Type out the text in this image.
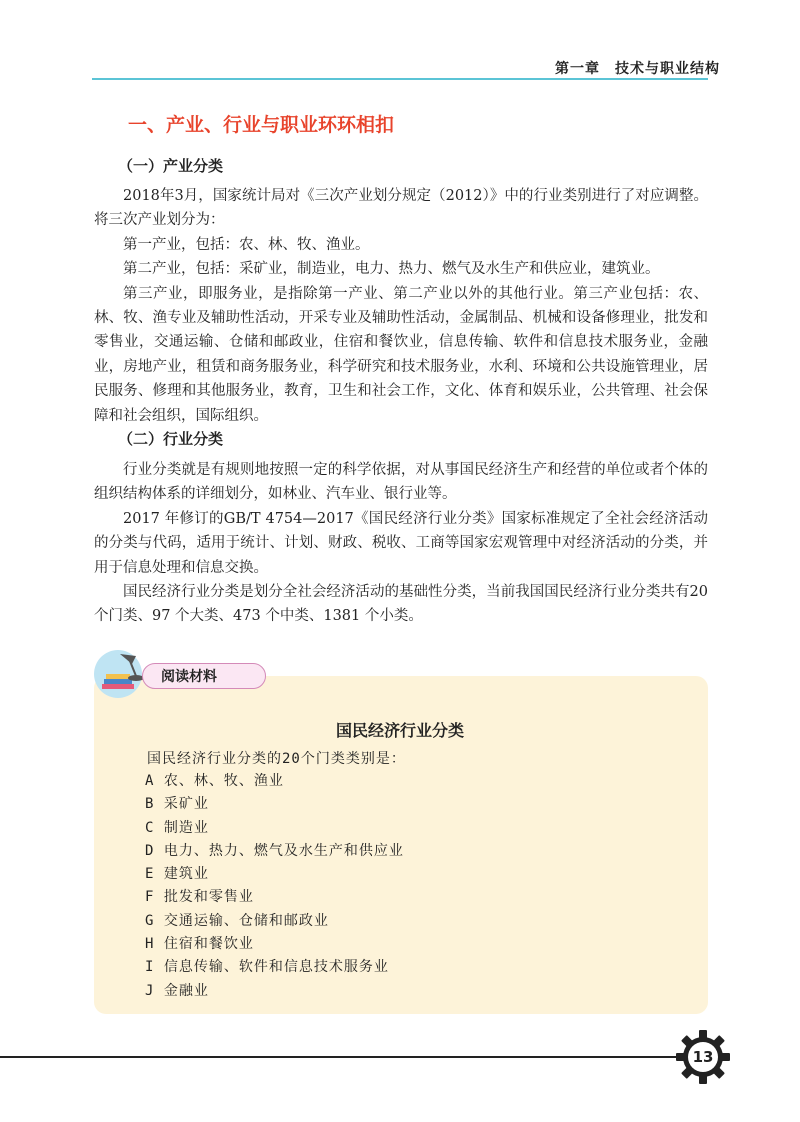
第一章　技术与职业结构
一、产业、行业与职业环环相扣
（一）产业分类

2018年3月，国家统计局对《三次产业划分规定（2012）》中的行业类别进行了对应调整。将三次产业划分为：

第一产业，包括：农、林、牧、渔业。

第二产业，包括：采矿业，制造业，电力、热力、燃气及水生产和供应业，建筑业。

第三产业，即服务业，是指除第一产业、第二产业以外的其他行业。第三产业包括：农、林、牧、渔专业及辅助性活动，开采专业及辅助性活动，金属制品、机械和设备修理业，批发和零售业，交通运输、仓储和邮政业，住宿和餐饮业，信息传输、软件和信息技术服务业，金融业，房地产业，租赁和商务服务业，科学研究和技术服务业，水利、环境和公共设施管理业，居民服务、修理和其他服务业，教育，卫生和社会工作，文化、体育和娱乐业，公共管理、社会保障和社会组织，国际组织。

（二）行业分类

行业分类就是有规则地按照一定的科学依据，对从事国民经济生产和经营的单位或者个体的组织结构体系的详细划分，如林业、汽车业、银行业等。

2017 年修订的GB/T 4754—2017《国民经济行业分类》国家标准规定了全社会经济活动的分类与代码，适用于统计、计划、财政、税收、工商等国家宏观管理中对经济活动的分类，并用于信息处理和信息交换。

国民经济行业分类是划分全社会经济活动的基础性分类，当前我国国民经济行业分类共有20 个门类、97 个大类、473 个中类、1381 个小类。

阅读材料
国民经济行业分类
国民经济行业分类的20个门类类别是：
A 农、林、牧、渔业
B 采矿业
C 制造业
D 电力、热力、燃气及水生产和供应业
E 建筑业
F 批发和零售业
G 交通运输、仓储和邮政业
H 住宿和餐饮业
I 信息传输、软件和信息技术服务业
J 金融业
13
